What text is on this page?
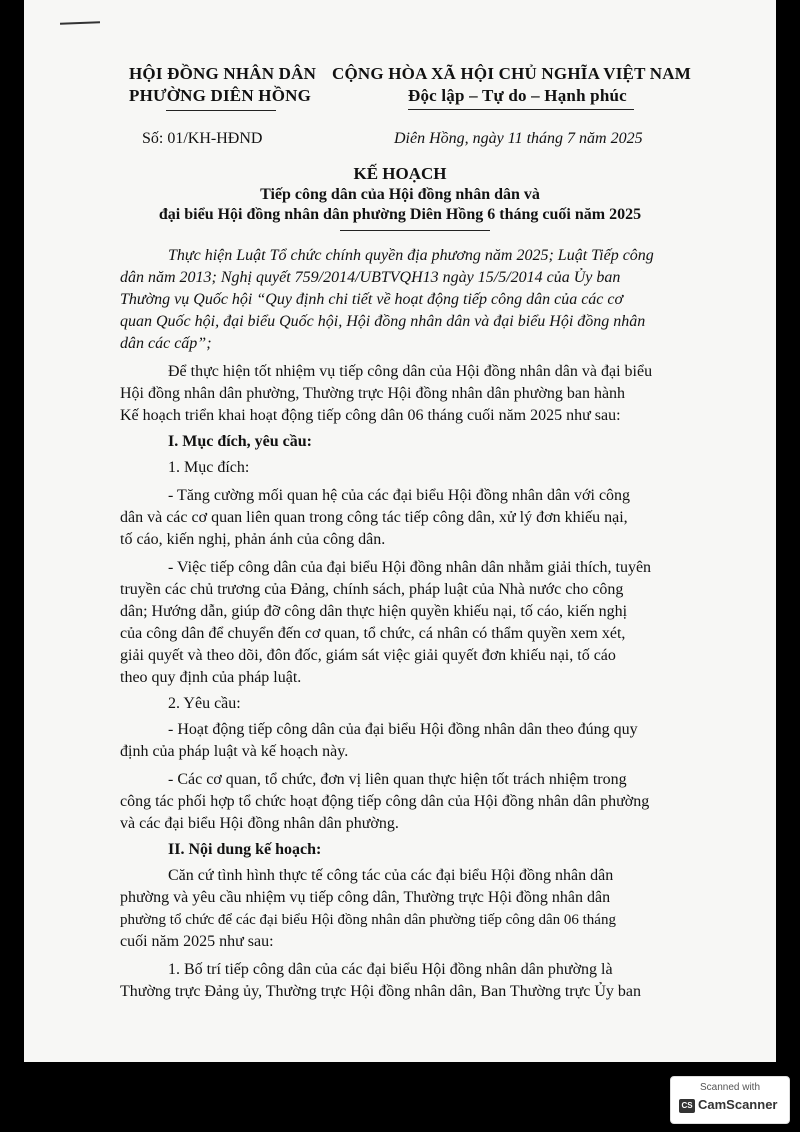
HỘI ĐỒNG NHÂN DÂN
PHƯỜNG DIÊN HỒNG
CỘNG HÒA XÃ HỘI CHỦ NGHĨA VIỆT NAM
Độc lập – Tự do – Hạnh phúc
Số: 01/KH-HĐND	Diên Hồng, ngày 11 tháng 7 năm 2025
KẾ HOẠCH
Tiếp công dân của Hội đồng nhân dân và
đại biểu Hội đồng nhân dân phường Diên Hồng 6 tháng cuối năm 2025
Thực hiện Luật Tổ chức chính quyền địa phương năm 2025; Luật Tiếp công
dân năm 2013; Nghị quyết 759/2014/UBTVQH13 ngày 15/5/2014 của Ủy ban
Thường vụ Quốc hội “Quy định chi tiết về hoạt động tiếp công dân của các cơ
quan Quốc hội, đại biểu Quốc hội, Hội đồng nhân dân và đại biểu Hội đồng nhân
dân các cấp”;
Để thực hiện tốt nhiệm vụ tiếp công dân của Hội đồng nhân dân và đại biểu
Hội đồng nhân dân phường, Thường trực Hội đồng nhân dân phường ban hành
Kế hoạch triển khai hoạt động tiếp công dân 06 tháng cuối năm 2025 như sau:
I. Mục đích, yêu cầu:
1. Mục đích:
- Tăng cường mối quan hệ của các đại biểu Hội đồng nhân dân với công
dân và các cơ quan liên quan trong công tác tiếp công dân, xử lý đơn khiếu nại,
tố cáo, kiến nghị, phản ánh của công dân.
- Việc tiếp công dân của đại biểu Hội đồng nhân dân nhằm giải thích, tuyên
truyền các chủ trương của Đảng, chính sách, pháp luật của Nhà nước cho công
dân; Hướng dẫn, giúp đỡ công dân thực hiện quyền khiếu nại, tố cáo, kiến nghị
của công dân để chuyển đến cơ quan, tổ chức, cá nhân có thẩm quyền xem xét,
giải quyết và theo dõi, đôn đốc, giám sát việc giải quyết đơn khiếu nại, tố cáo
theo quy định của pháp luật.
2. Yêu cầu:
- Hoạt động tiếp công dân của đại biểu Hội đồng nhân dân theo đúng quy
định của pháp luật và kế hoạch này.
- Các cơ quan, tổ chức, đơn vị liên quan thực hiện tốt trách nhiệm trong
công tác phối hợp tổ chức hoạt động tiếp công dân của Hội đồng nhân dân phường
và các đại biểu Hội đồng nhân dân phường.
II. Nội dung kế hoạch:
Căn cứ tình hình thực tế công tác của các đại biểu Hội đồng nhân dân
phường và yêu cầu nhiệm vụ tiếp công dân, Thường trực Hội đồng nhân dân
phường tổ chức để các đại biểu Hội đồng nhân dân phường tiếp công dân 06 tháng
cuối năm 2025 như sau:
1. Bố trí tiếp công dân của các đại biểu Hội đồng nhân dân phường là
Thường trực Đảng ủy, Thường trực Hội đồng nhân dân, Ban Thường trực Ủy ban
Scanned with
CS CamScanner
